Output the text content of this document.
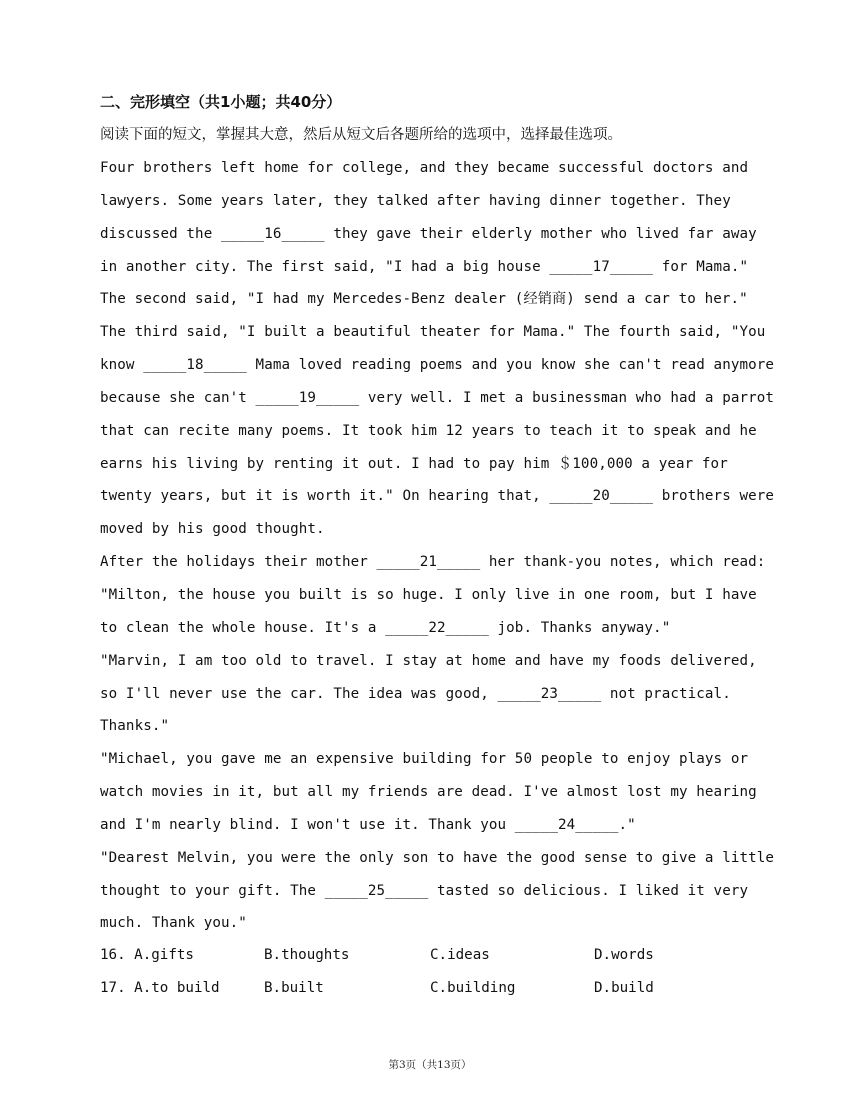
二、完形填空（共1小题；共40分）
阅读下面的短文，掌握其大意，然后从短文后各题所给的选项中，选择最佳选项。
Four brothers left home for college, and they became successful doctors and
lawyers. Some years later, they talked after having dinner together. They
discussed the _____16_____ they gave their elderly mother who lived far away
in another city. The first said, "I had a big house _____17_____ for Mama."
The second said, "I had my Mercedes-Benz dealer (经销商) send a car to her."
The third said, "I built a beautiful theater for Mama." The fourth said, "You
know _____18_____ Mama loved reading poems and you know she can't read anymore
because she can't _____19_____ very well. I met a businessman who had a parrot
that can recite many poems. It took him 12 years to teach it to speak and he
earns his living by renting it out. I had to pay him ＄100,000 a year for
twenty years, but it is worth it." On hearing that, _____20_____ brothers were
moved by his good thought.
After the holidays their mother _____21_____ her thank-you notes, which read:
"Milton, the house you built is so huge. I only live in one room, but I have
to clean the whole house. It's a _____22_____ job. Thanks anyway."
"Marvin, I am too old to travel. I stay at home and have my foods delivered,
so I'll never use the car. The idea was good, _____23_____ not practical.
Thanks."
"Michael, you gave me an expensive building for 50 people to enjoy plays or
watch movies in it, but all my friends are dead. I've almost lost my hearing
and I'm nearly blind. I won't use it. Thank you _____24_____."
"Dearest Melvin, you were the only son to have the good sense to give a little
thought to your gift. The _____25_____ tasted so delicious. I liked it very
much. Thank you."
16. A.gifts	B.thoughts	C.ideas	D.words
17. A.to build	B.built	C.building	D.build
第3页（共13页）
